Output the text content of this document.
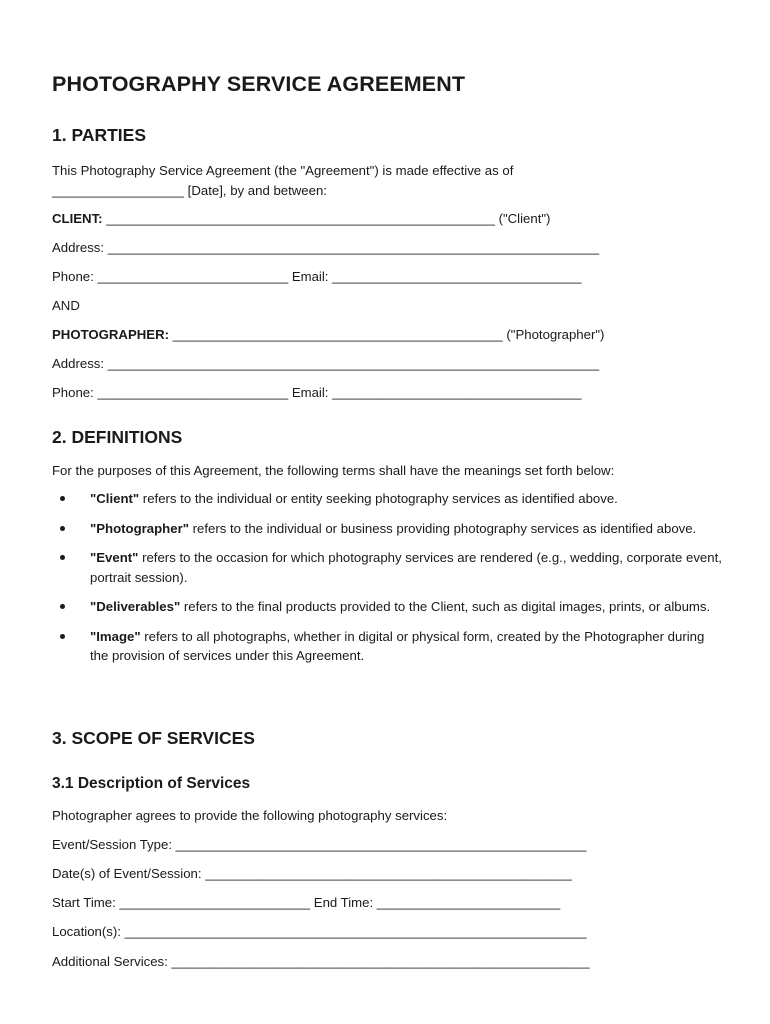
PHOTOGRAPHY SERVICE AGREEMENT
1. PARTIES

This Photography Service Agreement (the "Agreement") is made effective as of

__________________ [Date], by and between:

CLIENT: _____________________________________________________ ("Client")

Address: ___________________________________________________________________

Phone: __________________________ Email: __________________________________

AND

PHOTOGRAPHER: _____________________________________________ ("Photographer")

Address: ___________________________________________________________________

Phone: __________________________ Email: __________________________________

2. DEFINITIONS

For the purposes of this Agreement, the following terms shall have the meanings set forth below:

"Client" refers to the individual or entity seeking photography services as identified above.
"Photographer" refers to the individual or business providing photography services as identified above.
"Event" refers to the occasion for which photography services are rendered (e.g., wedding, corporate event, portrait session).
"Deliverables" refers to the final products provided to the Client, such as digital images, prints, or albums.
"Image" refers to all photographs, whether in digital or physical form, created by the Photographer during the provision of services under this Agreement.
3. SCOPE OF SERVICES
3.1 Description of Services

Photographer agrees to provide the following photography services:

Event/Session Type: ________________________________________________________

Date(s) of Event/Session: __________________________________________________

Start Time: __________________________ End Time: _________________________

Location(s): _______________________________________________________________

Additional Services: _________________________________________________________
